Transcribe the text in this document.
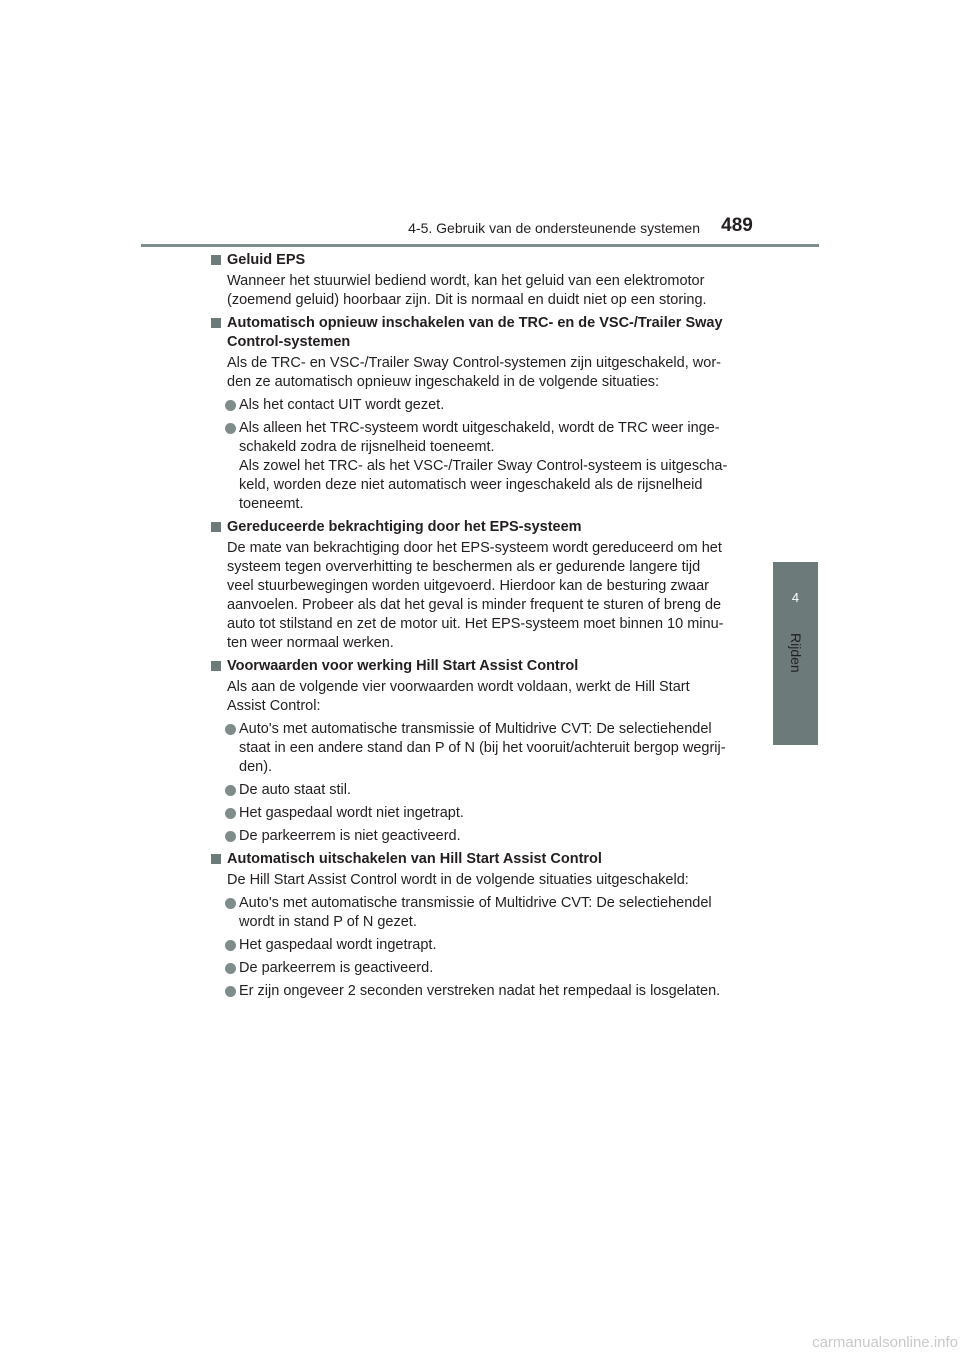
4-5. Gebruik van de ondersteunende systemen	489
4
Rijden
Geluid EPS
Wanneer het stuurwiel bediend wordt, kan het geluid van een elektromotor
(zoemend geluid) hoorbaar zijn. Dit is normaal en duidt niet op een storing.
Automatisch opnieuw inschakelen van de TRC- en de VSC-/Trailer Sway Control-systemen
Als de TRC- en VSC-/Trailer Sway Control-systemen zijn uitgeschakeld, wor-
den ze automatisch opnieuw ingeschakeld in de volgende situaties:
Als het contact UIT wordt gezet.
Als alleen het TRC-systeem wordt uitgeschakeld, wordt de TRC weer inge-
schakeld zodra de rijsnelheid toeneemt.
Als zowel het TRC- als het VSC-/Trailer Sway Control-systeem is uitgescha-
keld, worden deze niet automatisch weer ingeschakeld als de rijsnelheid
toeneemt.
Gereduceerde bekrachtiging door het EPS-systeem
De mate van bekrachtiging door het EPS-systeem wordt gereduceerd om het
systeem tegen oververhitting te beschermen als er gedurende langere tijd
veel stuurbewegingen worden uitgevoerd. Hierdoor kan de besturing zwaar
aanvoelen. Probeer als dat het geval is minder frequent te sturen of breng de
auto tot stilstand en zet de motor uit. Het EPS-systeem moet binnen 10 minu-
ten weer normaal werken.
Voorwaarden voor werking Hill Start Assist Control
Als aan de volgende vier voorwaarden wordt voldaan, werkt de Hill Start
Assist Control:
Auto's met automatische transmissie of Multidrive CVT: De selectiehendel
staat in een andere stand dan P of N (bij het vooruit/achteruit bergop wegrij-
den).
De auto staat stil.
Het gaspedaal wordt niet ingetrapt.
De parkeerrem is niet geactiveerd.
Automatisch uitschakelen van Hill Start Assist Control
De Hill Start Assist Control wordt in de volgende situaties uitgeschakeld:
Auto's met automatische transmissie of Multidrive CVT: De selectiehendel
wordt in stand P of N gezet.
Het gaspedaal wordt ingetrapt.
De parkeerrem is geactiveerd.
Er zijn ongeveer 2 seconden verstreken nadat het rempedaal is losgelaten.
carmanualsonline.info
